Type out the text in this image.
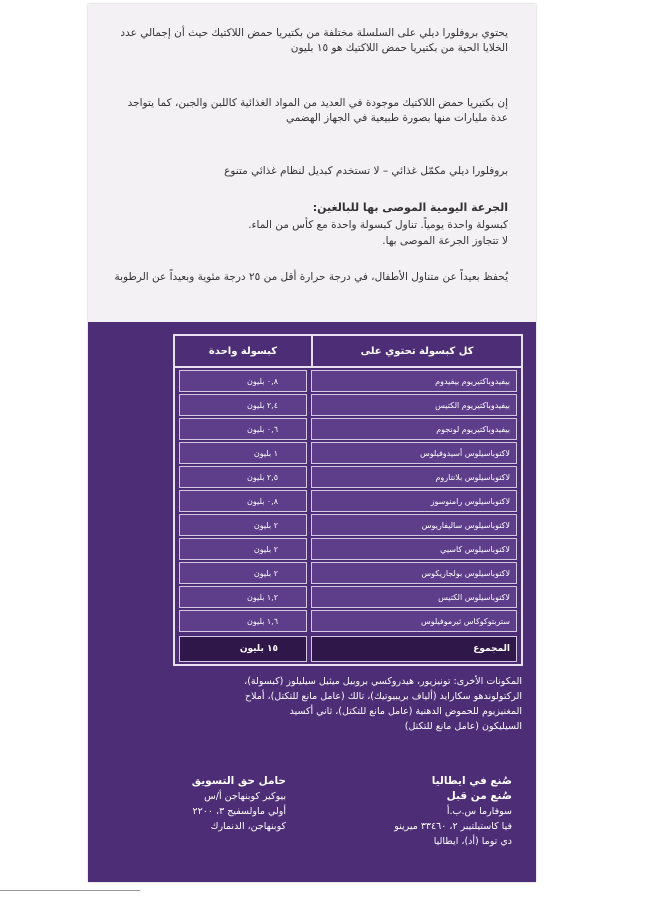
يحتوي بروفلورا ديلي على السلسلة مختلفة من بكتيريا حمض اللاكتيك حيث أن إجمالي عدد الخلايا الحية من بكتيريا حمض اللاكتيك هو ١٥ بليون

إن بكتيريا حمض اللاكتيك موجودة في العديد من المواد الغذائية كاللبن والجبن، كما يتواجد عدة مليارات منها بصورة طبيعية في الجهاز الهضمي

بروفلورا ديلي مكمّل غذائي – لا تستخدم كبديل لنظام غذائي متنوع

الجرعة اليومية الموصى بها للبالغين:

كبسولة واحدة يومياً. تناول كبسولة واحدة مع كأس من الماء.

لا تتجاوز الجرعة الموصى بها.

يُحفظ بعيداً عن متناول الأطفال، في درجة حرارة أقل من ٢٥ درجة مئوية وبعيداً عن الرطوبة

كل كبسولة تحتوي على
كبسولة واحدة
بيفيدوباكتيريوم بيفيدوم
٠,٨ بليون
بيفيدوباكتيريوم الكتيس
٢,٤ بليون
بيفيدوباكتيريوم لونجوم
٠,٦ بليون
لاكتوباسيلوس أسيدوفيلوس
١ بليون
لاكتوباسيلوس بلانتاروم
٢,٥ بليون
لاكتوباسيلوس رامنوسوز
٠,٨ بليون
لاكتوباسيلوس ساليفاريوس
٢ بليون
لاكتوباسيلوس كاسيي
٢ بليون
لاكتوباسيلوس بولجاريكوس
٢ بليون
لاكتوباسيلوس الكتيس
١,٢ بليون
ستربتوكوكاس ثيرموفيلوس
١,٦ بليون
المجموع
١٥ بليون

المكونات الأخرى: تونيزيور، هيدروكسي بروبيل ميثيل سيليلوز (كبسولة)،

الركتولوندهو سكارايد (ألياف بريبيوتيك)، تالك (عامل مانع للتكتل)، أملاح

المغنيزيوم للحموض الدهنية (عامل مانع للتكتل)، ثاني أكسيد

السيليكون (عامل مانع للتكتل)

صُنع في ايطاليا

صُنع من قبل

سوفارما س.ب.أ

فيا كاستيلتيبر ٢، ٣٣٤٦٠ ميرينو

دي توما (أد)، ايطاليا

حامل حق التسويق

بيوكير كوبنهاجن أ/س

أولي ماولسفيج ٣، ٢٢٠٠

كوبنهاجن، الدنمارك
